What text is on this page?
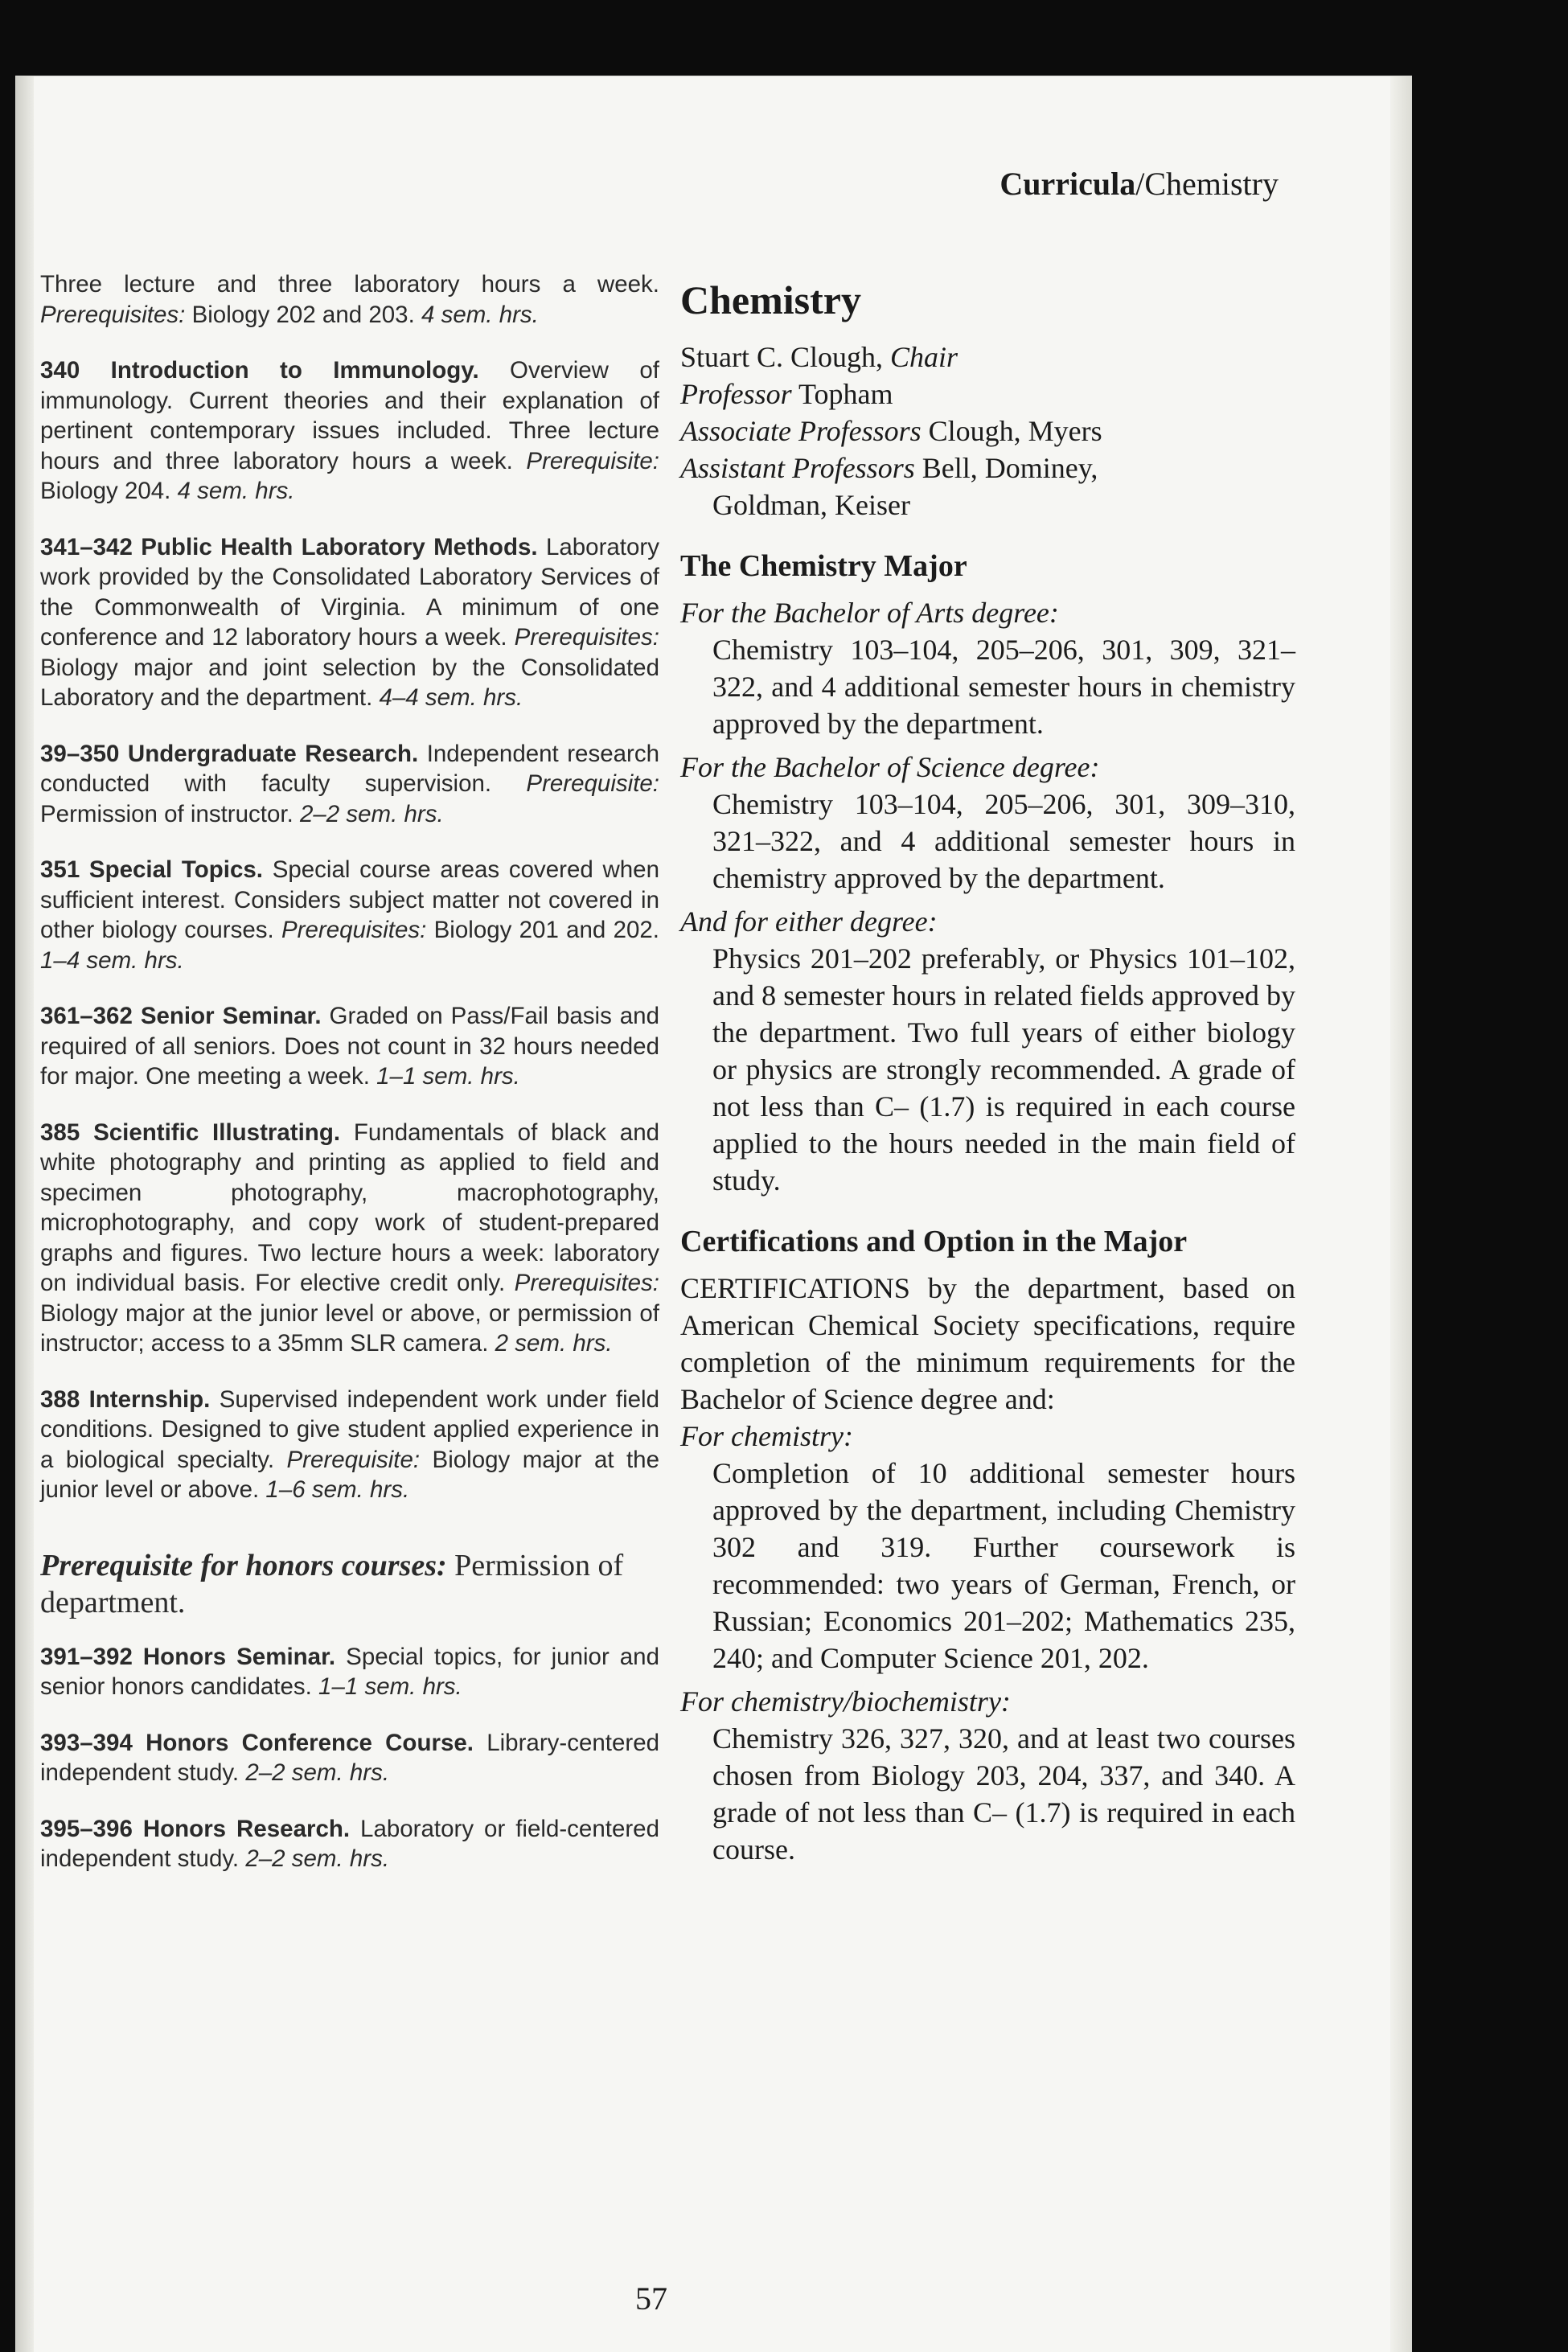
Curricula/Chemistry

Three lecture and three laboratory hours a week. Prerequisites: Biology 202 and 203. 4 sem. hrs.

340 Introduction to Immunology. Overview of immunology. Current theories and their explanation of pertinent contemporary issues included. Three lecture hours and three laboratory hours a week. Prerequisite: Biology 204. 4 sem. hrs.

341–342 Public Health Laboratory Methods. Laboratory work provided by the Consolidated Laboratory Services of the Commonwealth of Virginia. A minimum of one conference and 12 laboratory hours a week. Prerequisites: Biology major and joint selection by the Consolidated Laboratory and the department. 4–4 sem. hrs.

39–350 Undergraduate Research. Independent research conducted with faculty supervision. Prerequisite: Permission of instructor. 2–2 sem. hrs.

351 Special Topics. Special course areas covered when sufficient interest. Considers subject matter not covered in other biology courses. Prerequisites: Biology 201 and 202. 1–4 sem. hrs.

361–362 Senior Seminar. Graded on Pass/Fail basis and required of all seniors. Does not count in 32 hours needed for major. One meeting a week. 1–1 sem. hrs.

385 Scientific Illustrating. Fundamentals of black and white photography and printing as applied to field and specimen photography, macrophotography, microphotography, and copy work of student-prepared graphs and figures. Two lecture hours a week: laboratory on individual basis. For elective credit only. Prerequisites: Biology major at the junior level or above, or permission of instructor; access to a 35mm SLR camera. 2 sem. hrs.

388 Internship. Supervised independent work under field conditions. Designed to give student applied experience in a biological specialty. Prerequisite: Biology major at the junior level or above. 1–6 sem. hrs.

Prerequisite for honors courses: Permission of department.

391–392 Honors Seminar. Special topics, for junior and senior honors candidates. 1–1 sem. hrs.

393–394 Honors Conference Course. Library-centered independent study. 2–2 sem. hrs.

395–396 Honors Research. Laboratory or field-centered independent study. 2–2 sem. hrs.

Chemistry

Stuart C. Clough, Chair

Professor Topham

Associate Professors Clough, Myers

Assistant Professors Bell, Dominey,

Goldman, Keiser

The Chemistry Major

For the Bachelor of Arts degree:

Chemistry 103–104, 205–206, 301, 309, 321–322, and 4 additional semester hours in chemistry approved by the department.

For the Bachelor of Science degree:

Chemistry 103–104, 205–206, 301, 309–310, 321–322, and 4 additional semester hours in chemistry approved by the department.

And for either degree:

Physics 201–202 preferably, or Physics 101–102, and 8 semester hours in related fields approved by the department. Two full years of either biology or physics are strongly recommended. A grade of not less than C– (1.7) is required in each course applied to the hours needed in the main field of study.

Certifications and Option in the Major

CERTIFICATIONS by the department, based on American Chemical Society specifications, require completion of the minimum requirements for the Bachelor of Science degree and:

For chemistry:

Completion of 10 additional semester hours approved by the department, including Chemistry 302 and 319. Further coursework is recommended: two years of German, French, or Russian; Economics 201–202; Mathematics 235, 240; and Computer Science 201, 202.

For chemistry/biochemistry:

Chemistry 326, 327, 320, and at least two courses chosen from Biology 203, 204, 337, and 340. A grade of not less than C– (1.7) is required in each course.

57
